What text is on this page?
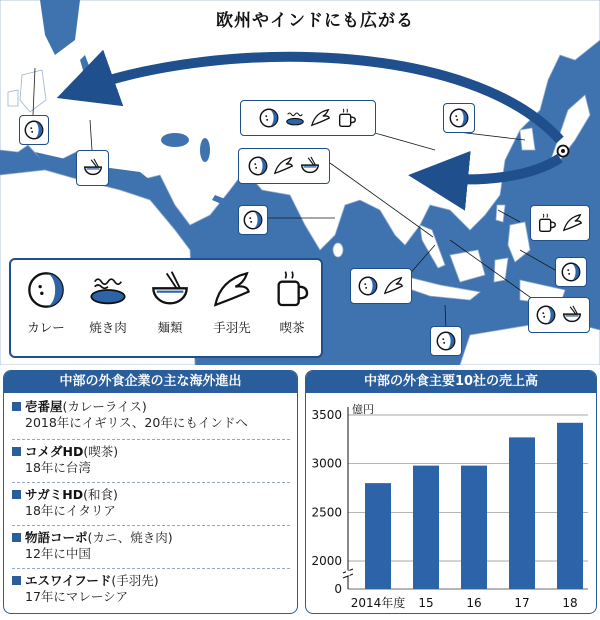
欧州やインドにも広がる
カレー	焼き肉	麺類	手羽先	喫茶
中部の外食企業の主な海外進出
壱番屋(カレーライス)
2018年にイギリス、20年にもインドへ
コメダHD(喫茶)
18年に台湾
サガミHD(和食)
18年にイタリア
物語コーポ(カニ、焼き肉)
12年に中国
エスワイフード(手羽先)
17年にマレーシア
中部の外食主要10社の売上高
億円
0
2000
2500
3000
3500
2014年度 15	16	17	18
